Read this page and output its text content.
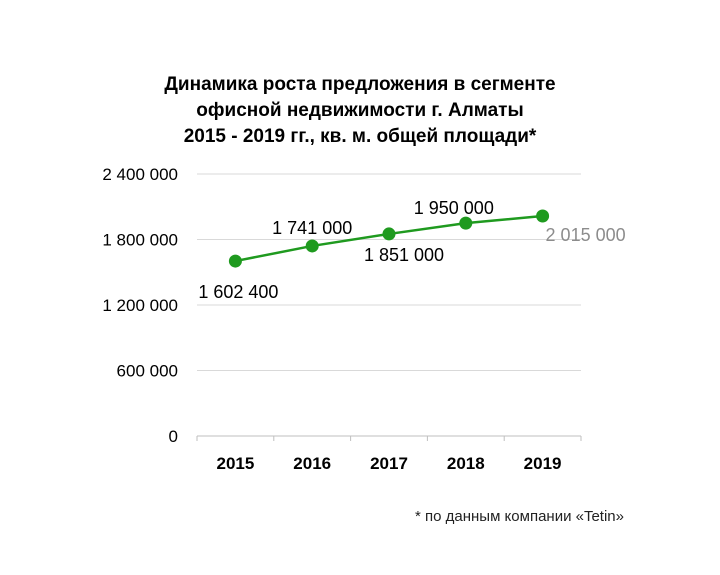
Динамика роста предложения в сегменте
офисной недвижимости г. Алматы
2015 - 2019 гг., кв. м. общей площади*
0
600 000
1 200 000
1 800 000
2 400 000
2015 2016 2017 2018 2019
1 602 400
1 741 000
1 851 000
1 950 000
2 015 000
* по данным компании «Tetin»
